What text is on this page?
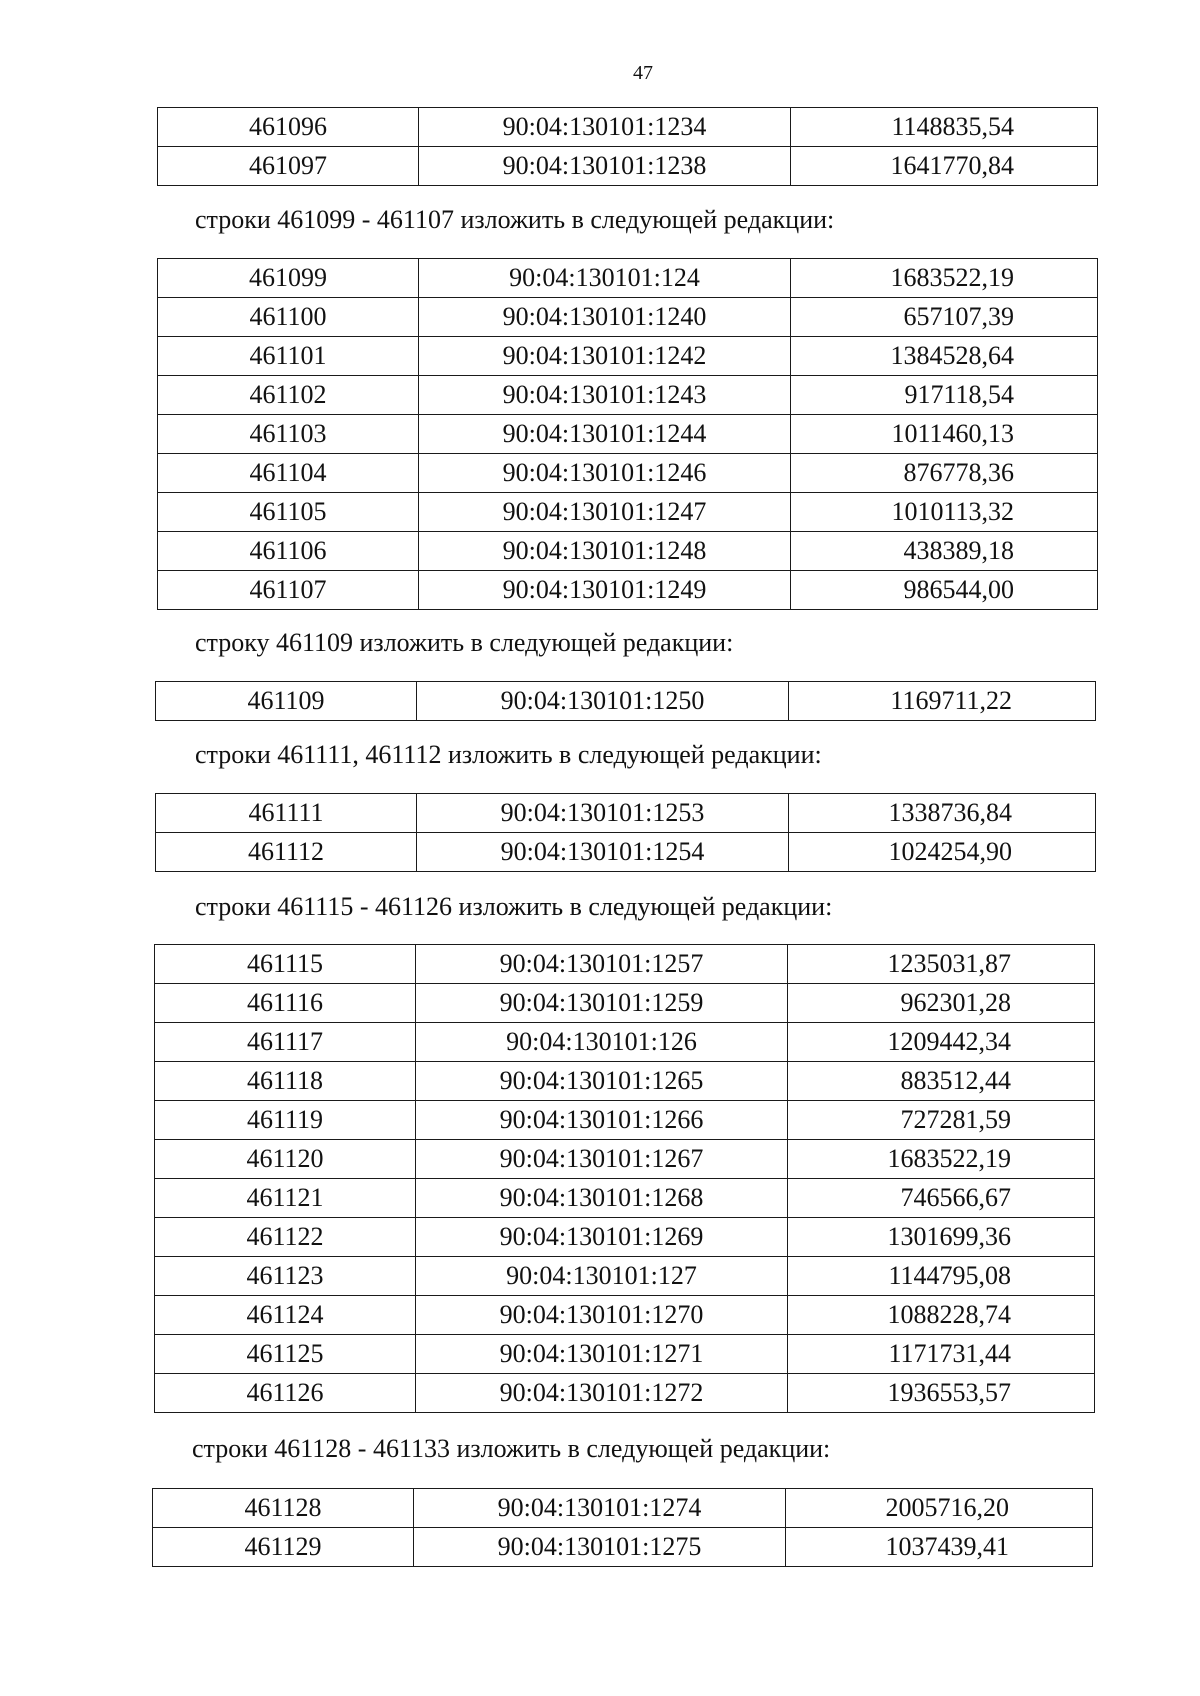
47
461096	90:04:130101:1234	1148835,54
461097	90:04:130101:1238	1641770,84
строки 461099 - 461107 изложить в следующей редакции:
461099	90:04:130101:124	1683522,19
461100	90:04:130101:1240	657107,39
461101	90:04:130101:1242	1384528,64
461102	90:04:130101:1243	917118,54
461103	90:04:130101:1244	1011460,13
461104	90:04:130101:1246	876778,36
461105	90:04:130101:1247	1010113,32
461106	90:04:130101:1248	438389,18
461107	90:04:130101:1249	986544,00
строку 461109 изложить в следующей редакции:
461109	90:04:130101:1250	1169711,22
строки 461111, 461112 изложить в следующей редакции:
461111	90:04:130101:1253	1338736,84
461112	90:04:130101:1254	1024254,90
строки 461115 - 461126 изложить в следующей редакции:
461115	90:04:130101:1257	1235031,87
461116	90:04:130101:1259	962301,28
461117	90:04:130101:126	1209442,34
461118	90:04:130101:1265	883512,44
461119	90:04:130101:1266	727281,59
461120	90:04:130101:1267	1683522,19
461121	90:04:130101:1268	746566,67
461122	90:04:130101:1269	1301699,36
461123	90:04:130101:127	1144795,08
461124	90:04:130101:1270	1088228,74
461125	90:04:130101:1271	1171731,44
461126	90:04:130101:1272	1936553,57
строки 461128 - 461133 изложить в следующей редакции:
461128	90:04:130101:1274	2005716,20
461129	90:04:130101:1275	1037439,41
